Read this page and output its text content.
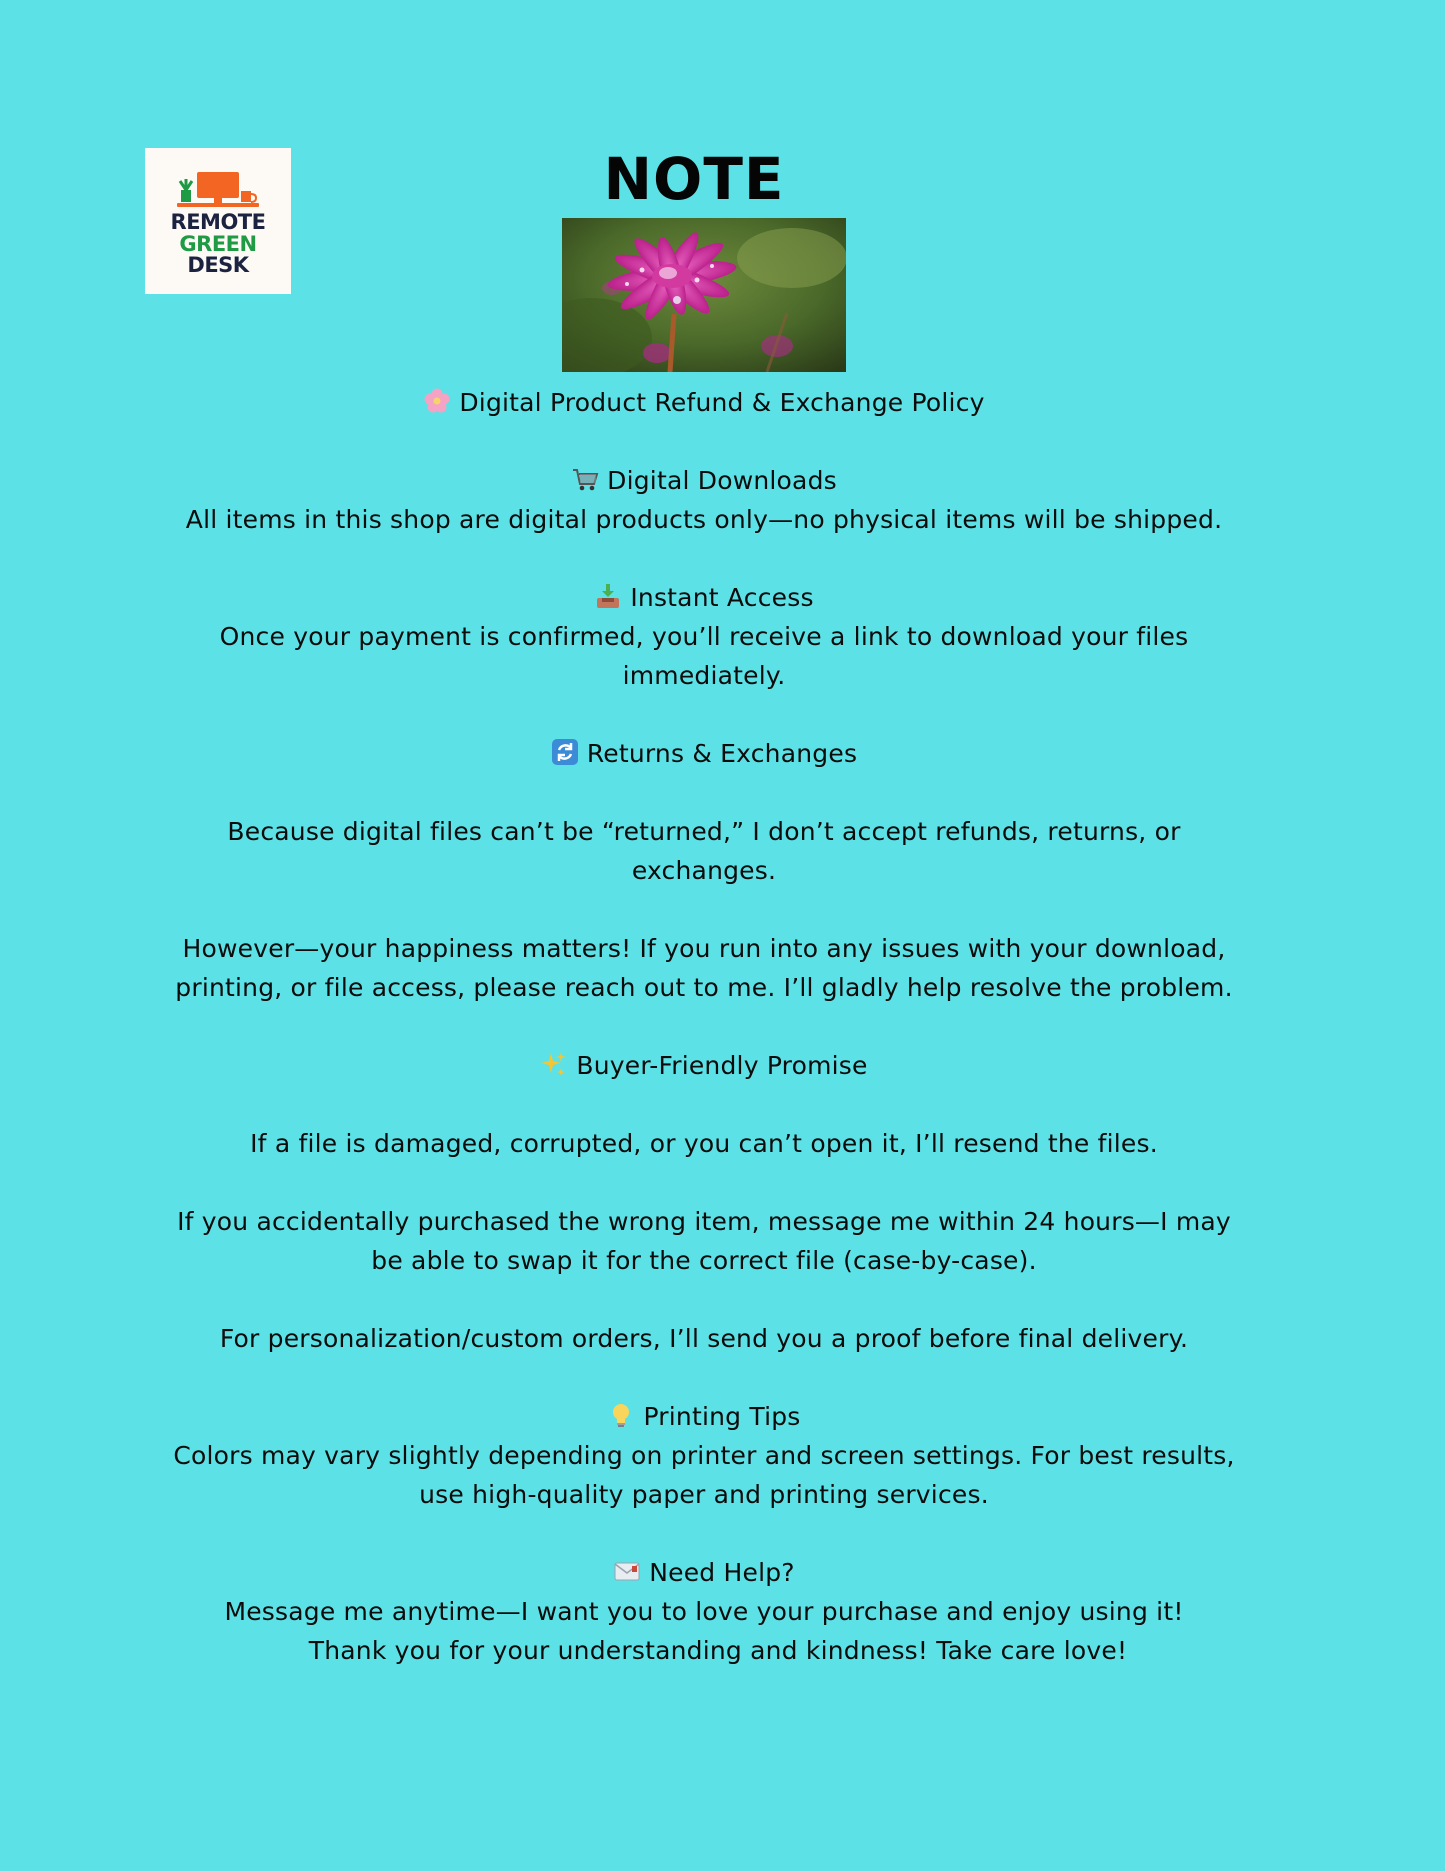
REMOTE
GREEN
DESK
NOTE

Digital Product Refund & Exchange Policy

Digital Downloads

All items in this shop are digital products only—no physical items will be shipped.

Instant Access

Once your payment is confirmed, you’ll receive a link to download your files

immediately.

Returns & Exchanges

Because digital files can’t be “returned,” I don’t accept refunds, returns, or

exchanges.

However—your happiness matters! If you run into any issues with your download,

printing, or file access, please reach out to me. I’ll gladly help resolve the problem.

Buyer-Friendly Promise

If a file is damaged, corrupted, or you can’t open it, I’ll resend the files.

If you accidentally purchased the wrong item, message me within 24 hours—I may

be able to swap it for the correct file (case-by-case).

For personalization/custom orders, I’ll send you a proof before final delivery.

Printing Tips

Colors may vary slightly depending on printer and screen settings. For best results,

use high-quality paper and printing services.

Need Help?

Message me anytime—I want you to love your purchase and enjoy using it!

Thank you for your understanding and kindness! Take care love!
